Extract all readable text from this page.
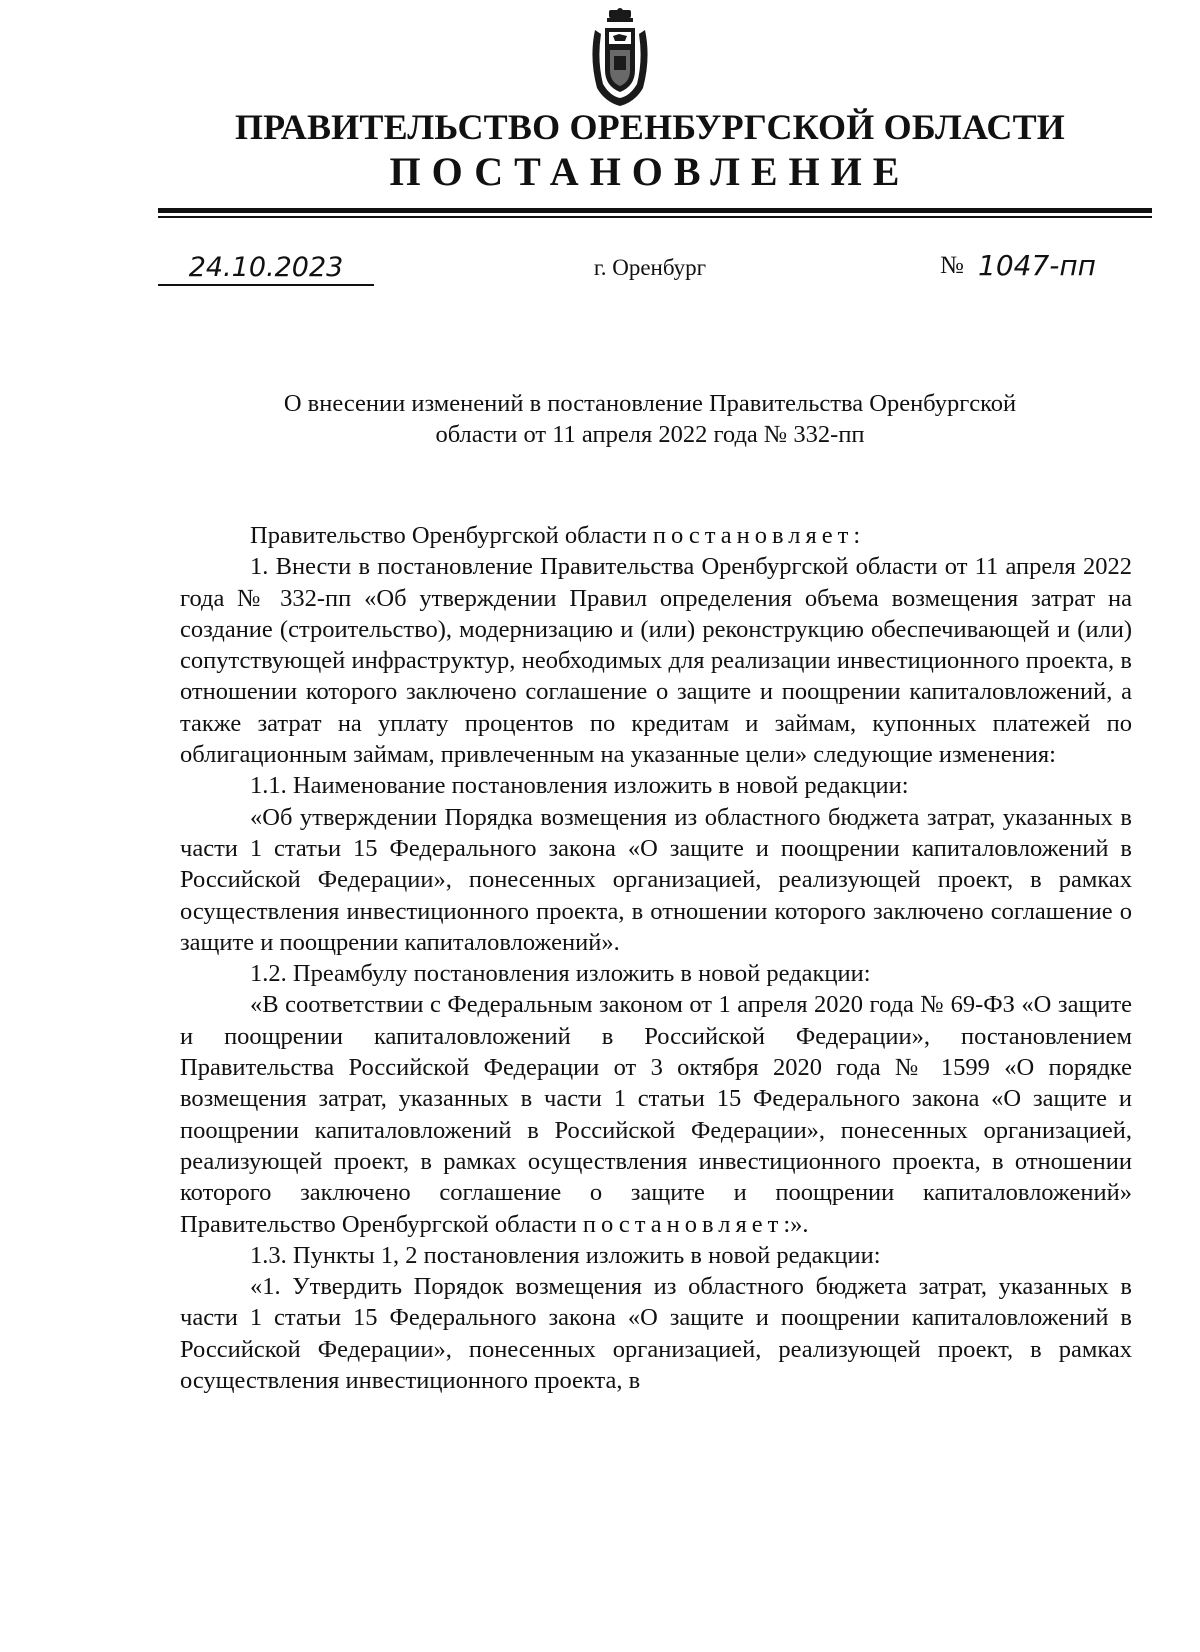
ПРАВИТЕЛЬСТВО ОРЕНБУРГСКОЙ ОБЛАСТИ
ПОСТАНОВЛЕНИЕ
24.10.2023	г. Оренбург	№ 1047-пп
О внесении изменений в постановление Правительства Оренбургской области от 11 апреля 2022 года № 332-пп

Правительство Оренбургской области постановляет:

1. Внести в постановление Правительства Оренбургской области от 11 апреля 2022 года № 332-пп «Об утверждении Правил определения объема возмещения затрат на создание (строительство), модернизацию и (или) реконструкцию обеспечивающей и (или) сопутствующей инфраструктур, необходимых для реализации инвестиционного проекта, в отношении которого заключено соглашение о защите и поощрении капиталовложений, а также затрат на уплату процентов по кредитам и займам, купонных платежей по облигационным займам, привлеченным на указанные цели» следующие изменения:

1.1. Наименование постановления изложить в новой редакции:

«Об утверждении Порядка возмещения из областного бюджета затрат, указанных в части 1 статьи 15 Федерального закона «О защите и поощрении капиталовложений в Российской Федерации», понесенных организацией, реализующей проект, в рамках осуществления инвестиционного проекта, в отношении которого заключено соглашение о защите и поощрении капиталовложений».

1.2. Преамбулу постановления изложить в новой редакции:

«В соответствии с Федеральным законом от 1 апреля 2020 года № 69-ФЗ «О защите и поощрении капиталовложений в Российской Федерации», постановлением Правительства Российской Федерации от 3 октября 2020 года № 1599 «О порядке возмещения затрат, указанных в части 1 статьи 15 Федерального закона «О защите и поощрении капиталовложений в Российской Федерации», понесенных организацией, реализующей проект, в рамках осуществления инвестиционного проекта, в отношении которого заключено соглашение о защите и поощрении капиталовложений» Правительство Оренбургской области постановляет:».

1.3. Пункты 1, 2 постановления изложить в новой редакции:

«1. Утвердить Порядок возмещения из областного бюджета затрат, указанных в части 1 статьи 15 Федерального закона «О защите и поощрении капиталовложений в Российской Федерации», понесенных организацией, реализующей проект, в рамках осуществления инвестиционного проекта, в
